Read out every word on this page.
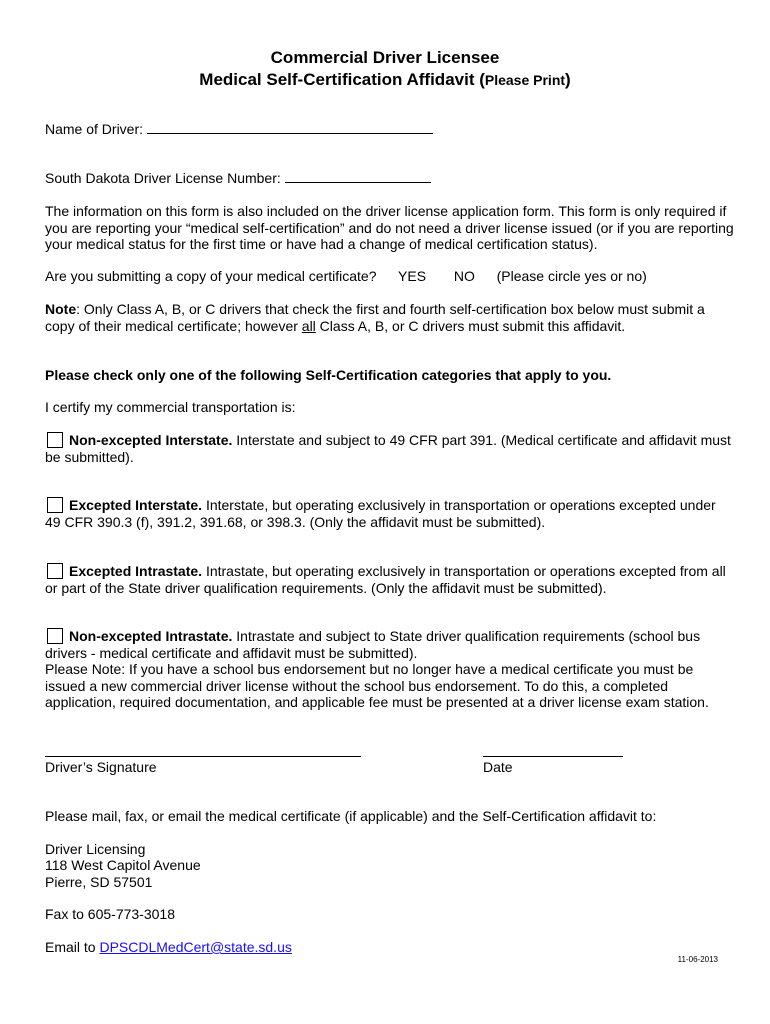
Commercial Driver Licensee
Medical Self-Certification Affidavit (Please Print)
Name of Driver:
South Dakota Driver License Number:
The information on this form is also included on the driver license application form. This form is only required if you are reporting your “medical self-certification” and do not need a driver license issued (or if you are reporting your medical status for the first time or have had a change of medical certification status).
Are you submitting a copy of your medical certificate? YES NO (Please circle yes or no)
Note: Only Class A, B, or C drivers that check the first and fourth self-certification box below must submit a copy of their medical certificate; however all Class A, B, or C drivers must submit this affidavit.
Please check only one of the following Self-Certification categories that apply to you.
I certify my commercial transportation is:
Non-excepted Interstate. Interstate and subject to 49 CFR part 391. (Medical certificate and affidavit must be submitted).
Excepted Interstate. Interstate, but operating exclusively in transportation or operations excepted under 49 CFR 390.3 (f), 391.2, 391.68, or 398.3. (Only the affidavit must be submitted).
Excepted Intrastate. Intrastate, but operating exclusively in transportation or operations excepted from all or part of the State driver qualification requirements. (Only the affidavit must be submitted).
Non-excepted Intrastate. Intrastate and subject to State driver qualification requirements (school bus drivers - medical certificate and affidavit must be submitted).
Please Note: If you have a school bus endorsement but no longer have a medical certificate you must be issued a new commercial driver license without the school bus endorsement. To do this, a completed application, required documentation, and applicable fee must be presented at a driver license exam station.
Driver’s Signature	Date
Please mail, fax, or email the medical certificate (if applicable) and the Self-Certification affidavit to:
Driver Licensing
118 West Capitol Avenue
Pierre, SD 57501
Fax to 605-773-3018
Email to DPSCDLMedCert@state.sd.us
11-06-2013
